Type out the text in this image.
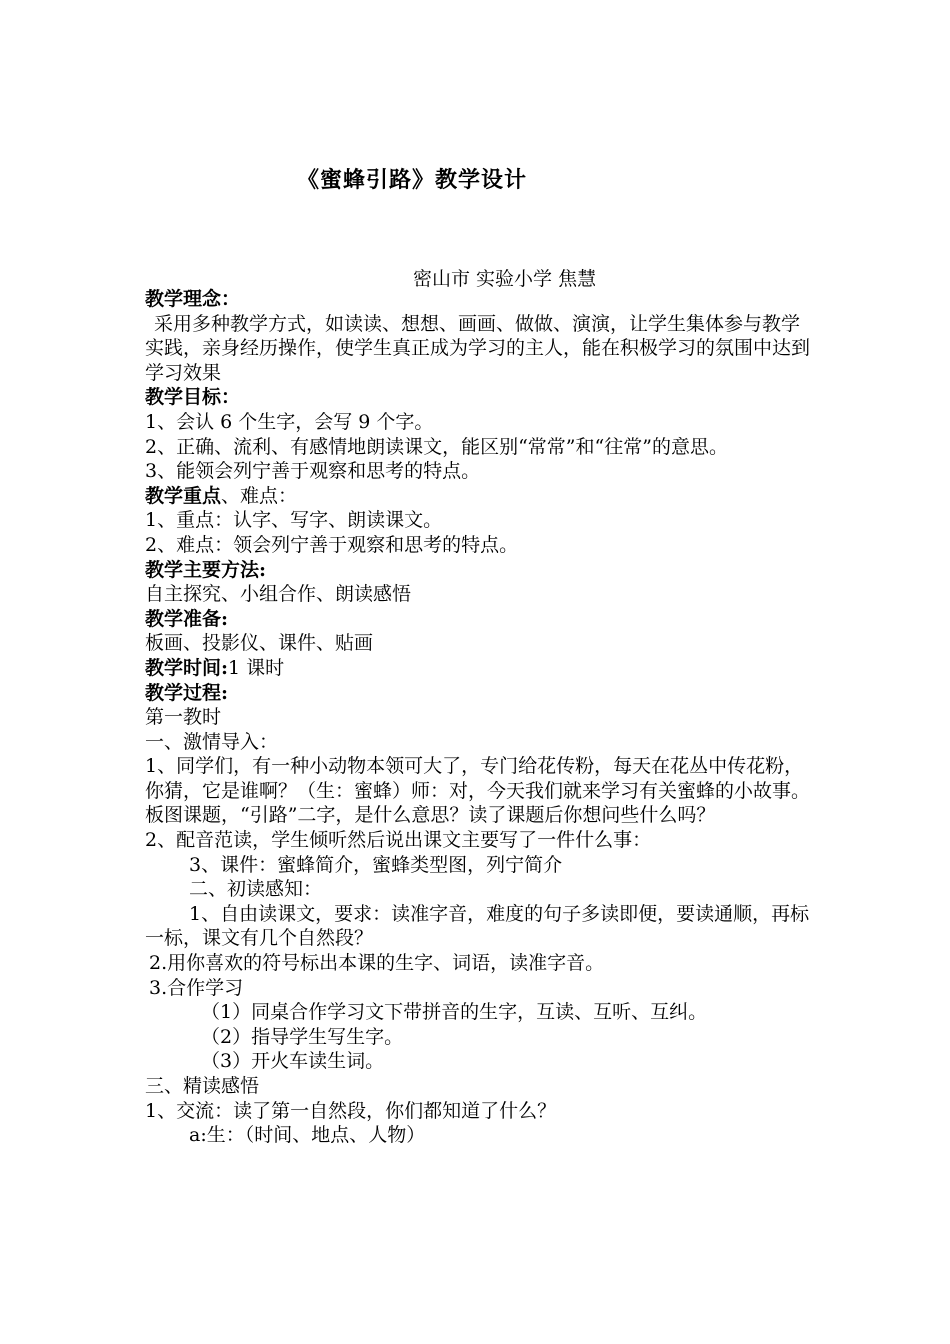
《蜜蜂引路》教学设计
密山市 实验小学 焦慧
教学理念：
采用多种教学方式，如读读、想想、画画、做做、演演，让学生集体参与教学实践，亲身经历操作，使学生真正成为学习的主人，能在积极学习的氛围中达到学习效果
教学目标：
1、会认 6 个生字，会写 9 个字。
2、正确、流利、有感情地朗读课文，能区别“常常”和“往常”的意思。
3、能领会列宁善于观察和思考的特点。
教学重点、难点：
1、重点：认字、写字、朗读课文。
2、难点：领会列宁善于观察和思考的特点。
教学主要方法:
自主探究、小组合作、朗读感悟
教学准备:
板画、投影仪、课件、贴画
教学时间:1 课时
教学过程:
第一教时
一、激情导入：
1、同学们，有一种小动物本领可大了，专门给花传粉，每天在花丛中传花粉，你猜，它是谁啊？（生：蜜蜂）师：对，今天我们就来学习有关蜜蜂的小故事。板图课题，“引路”二字，是什么意思？读了课题后你想问些什么吗？
2、配音范读，学生倾听然后说出课文主要写了一件什么事：
3、课件：蜜蜂简介，蜜蜂类型图，列宁简介
二、初读感知：
1、自由读课文，要求：读准字音，难度的句子多读即便，要读通顺，再标一标，课文有几个自然段？
2.用你喜欢的符号标出本课的生字、词语，读准字音。
3.合作学习
（1）同桌合作学习文下带拼音的生字，互读、互听、互纠。
（2）指导学生写生字。
（3）开火车读生词。
三、精读感悟
1、交流：读了第一自然段，你们都知道了什么？
a:生：（时间、地点、人物）
